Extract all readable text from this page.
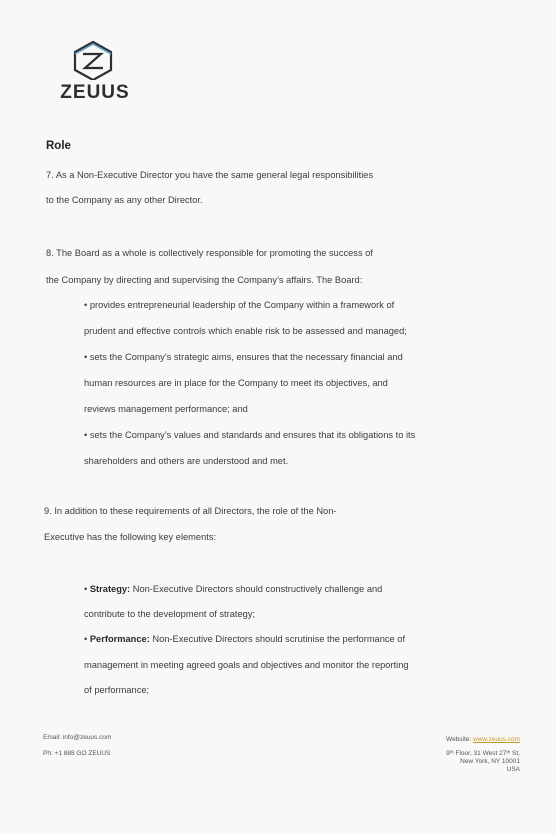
ZEUUS
Role
7. As a Non-Executive Director you have the same general legal responsibilities
to the Company as any other Director.
8. The Board as a whole is collectively responsible for promoting the success of
the Company by directing and supervising the Company’s affairs. The Board:
• provides entrepreneurial leadership of the Company within a framework of
prudent and effective controls which enable risk to be assessed and managed;
• sets the Company’s strategic aims, ensures that the necessary financial and
human resources are in place for the Company to meet its objectives, and
reviews management performance; and
• sets the Company’s values and standards and ensures that its obligations to its
shareholders and others are understood and met.
9. In addition to these requirements of all Directors, the role of the Non-
Executive has the following key elements:
• Strategy: Non-Executive Directors should constructively challenge and
contribute to the development of strategy;
• Performance: Non-Executive Directors should scrutinise the performance of
management in meeting agreed goals and objectives and monitor the reporting
of performance;
Email: info@zeuus.com
Ph: +1 888 GO ZEUUS
Website: www.zeuus.com
9ᵗʰ Floor, 31 West 27ᵗʰ St,
New York, NY 10001
USA
